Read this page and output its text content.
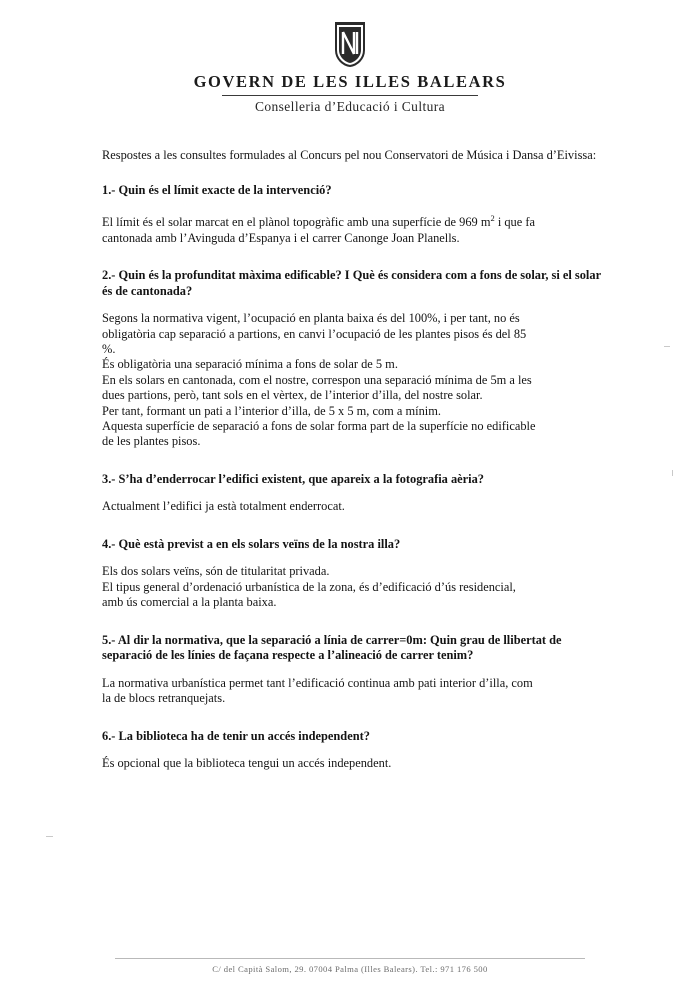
GOVERN DE LES ILLES BALEARS
Conselleria d’Educació i Cultura

Respostes a les consultes formulades al Concurs pel nou Conservatori de Música i Dansa d’Eivissa:

1.- Quin és el límit exacte de la intervenció?

El límit és el solar marcat en el plànol topogràfic amb una superfície de 969 $m^2$ i que fa

cantonada amb l’Avinguda d’Espanya i el carrer Canonge Joan Planells.

2.- Quin és la profunditat màxima edificable? I Què és considera com a fons de solar, si el solar és de cantonada?

Segons la normativa vigent, l’ocupació en planta baixa és del 100%, i per tant, no és

obligatòria cap separació a partions, en canvi l’ocupació de les plantes pisos és del 85

%.

És obligatòria una separació mínima a fons de solar de 5 m.

En els solars en cantonada, com el nostre, correspon una separació mínima de 5m a les

dues partions, però, tant sols en el vèrtex, de l’interior d’illa, del nostre solar.

Per tant, formant un pati a l’interior d’illa, de 5 x 5 m, com a mínim.

Aquesta superfície de separació a fons de solar forma part de la superfície no edificable

de les plantes pisos.

3.- S’ha d’enderrocar l’edifici existent, que apareix a la fotografia aèria?

Actualment l’edifici ja està totalment enderrocat.

4.- Què està previst a en els solars veïns de la nostra illa?

Els dos solars veïns, són de titularitat privada.

El tipus general d’ordenació urbanística de la zona, és d’edificació d’ús residencial,

amb ús comercial a la planta baixa.

5.- Al dir la normativa, que la separació a línia de carrer=0m: Quin grau de llibertat de separació de les línies de façana respecte a l’alineació de carrer tenim?

La normativa urbanística permet tant l’edificació continua amb pati interior d’illa, com

la de blocs retranquejats.

6.- La biblioteca ha de tenir un accés independent?

És opcional que la biblioteca tengui un accés independent.

C/ del Capità Salom, 29. 07004 Palma (Illes Balears). Tel.: 971 176 500
